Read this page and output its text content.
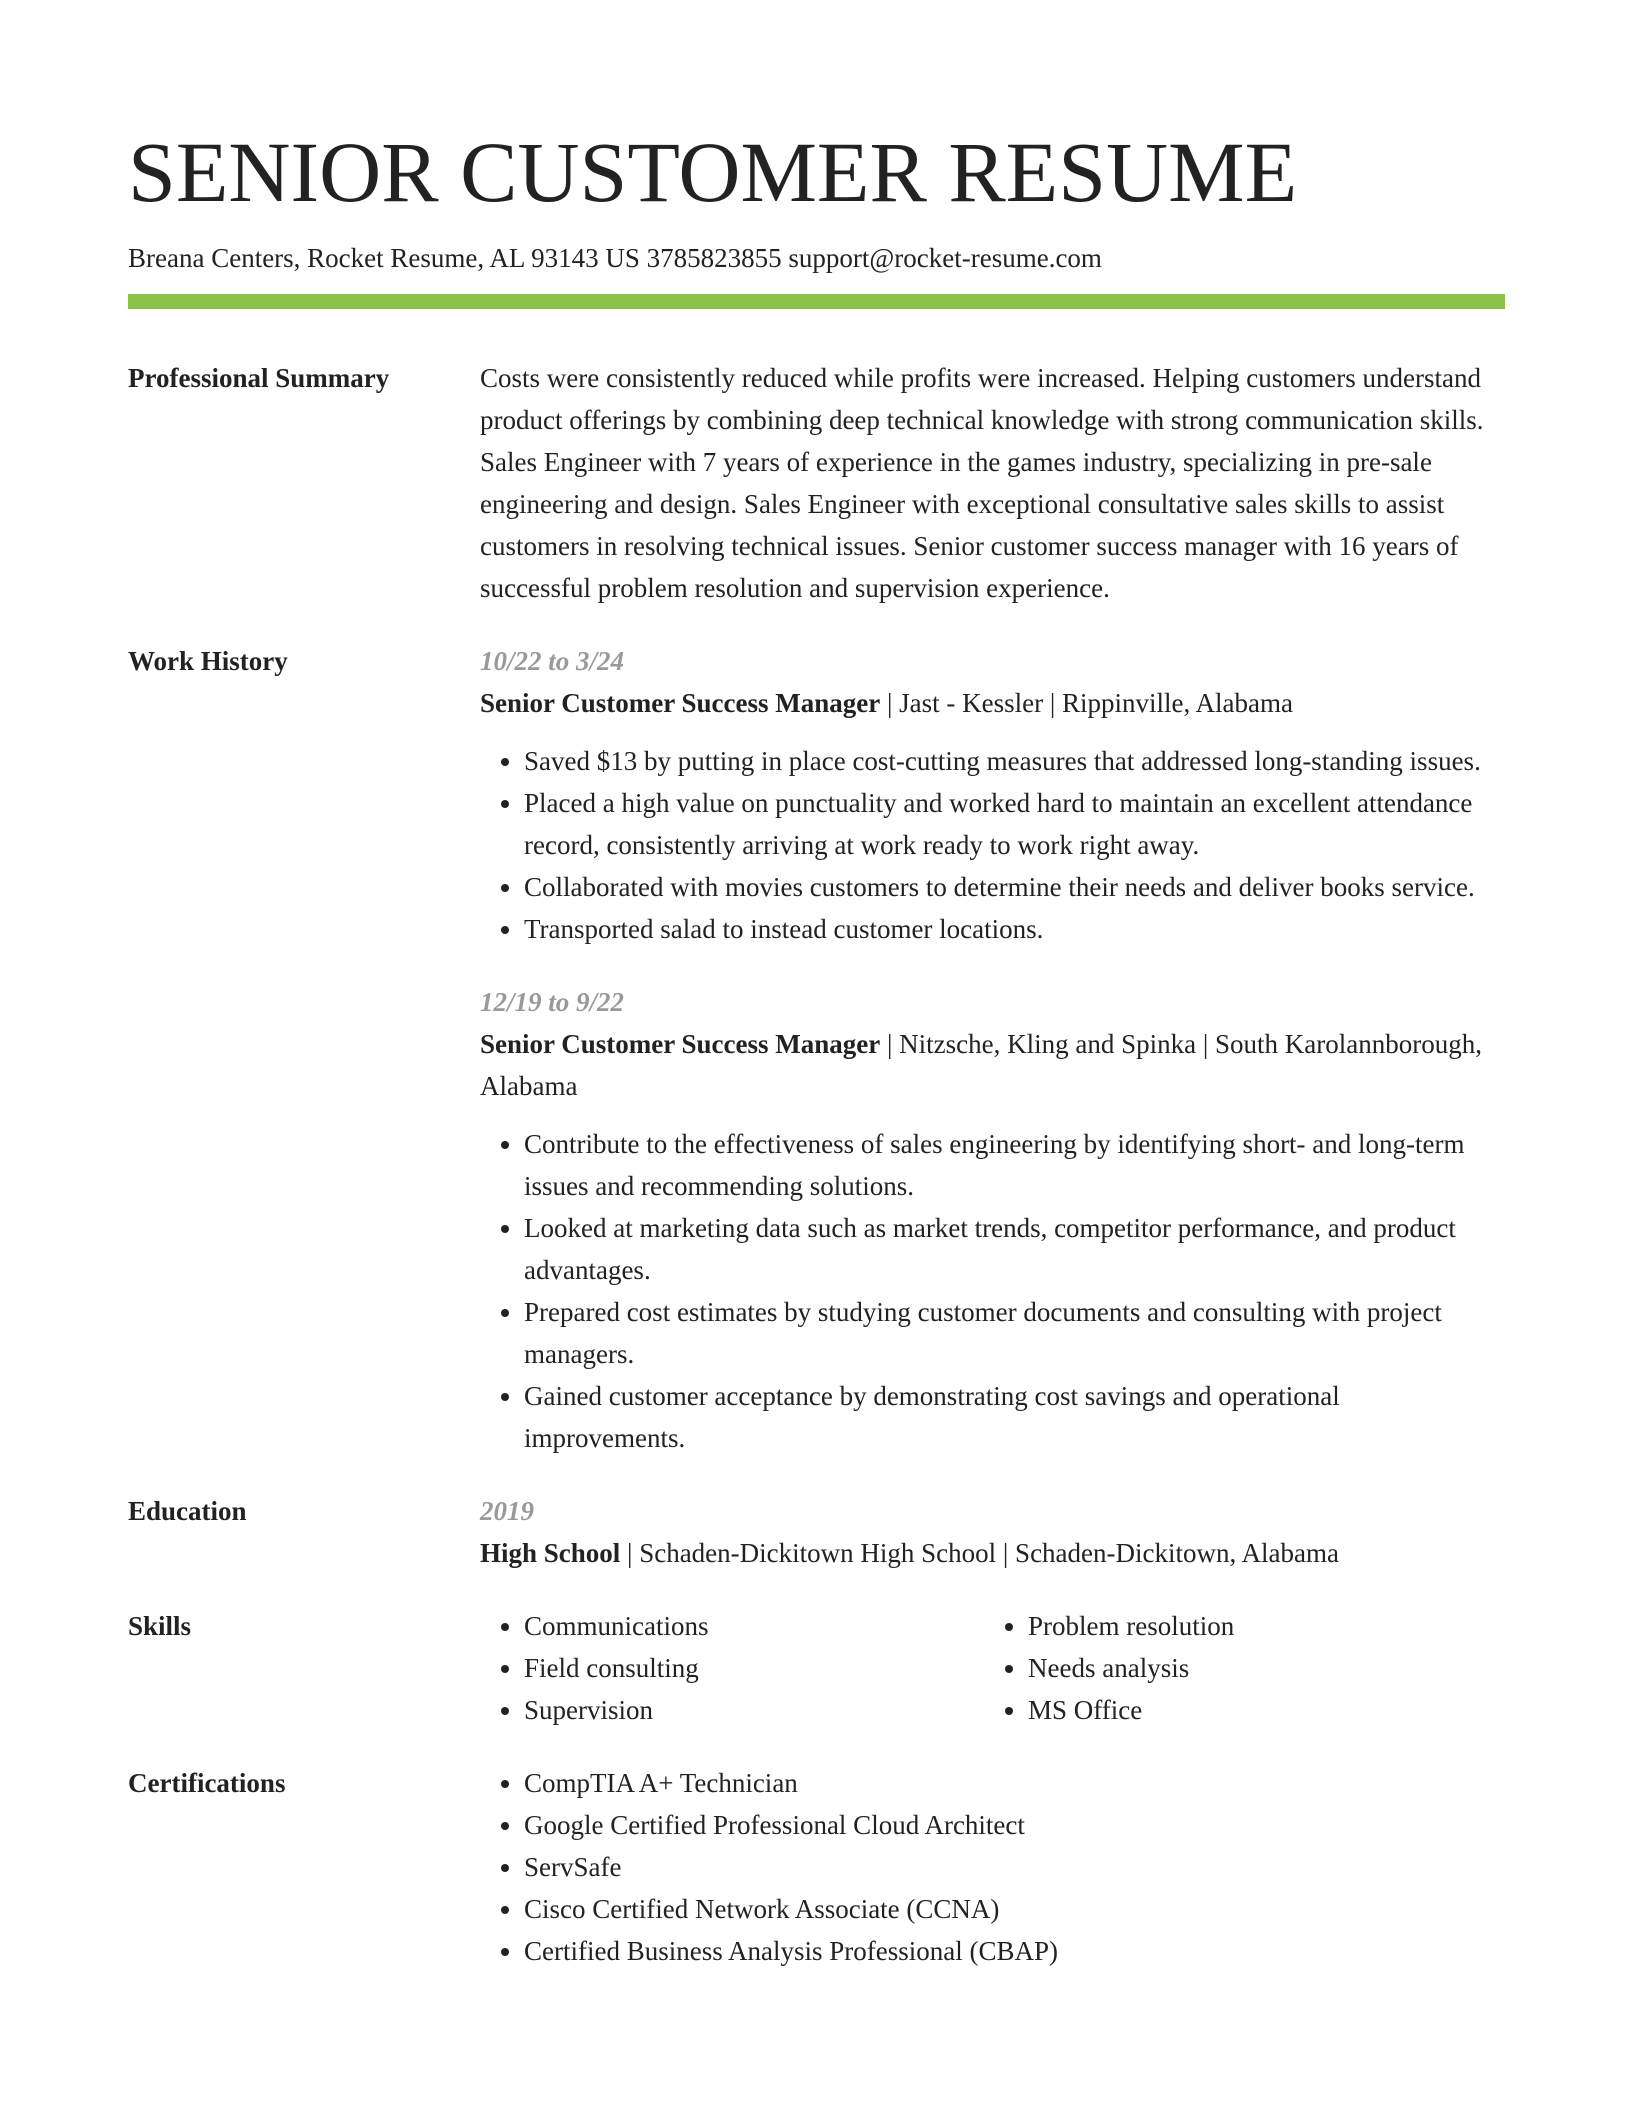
SENIOR CUSTOMER RESUME
Breana Centers, Rocket Resume, AL 93143 US 3785823855 support@rocket-resume.com
Professional Summary	Costs were consistently reduced while profits were increased. Helping customers understand product offerings by combining deep technical knowledge with strong communication skills. Sales Engineer with 7 years of experience in the games industry, specializing in pre-sale engineering and design. Sales Engineer with exceptional consultative sales skills to assist customers in resolving technical issues. Senior customer success manager with 16 years of successful problem resolution and supervision experience.
Work History	10/22 to 3/24
Senior Customer Success Manager | Jast - Kessler | Rippinville, Alabama
• Saved $13 by putting in place cost-cutting measures that addressed long-standing issues.
• Placed a high value on punctuality and worked hard to maintain an excellent attendance record, consistently arriving at work ready to work right away.
• Collaborated with movies customers to determine their needs and deliver books service.
• Transported salad to instead customer locations.
12/19 to 9/22
Senior Customer Success Manager | Nitzsche, Kling and Spinka | South Karolannborough, Alabama
• Contribute to the effectiveness of sales engineering by identifying short- and long-term issues and recommending solutions.
• Looked at marketing data such as market trends, competitor performance, and product advantages.
• Prepared cost estimates by studying customer documents and consulting with project managers.
• Gained customer acceptance by demonstrating cost savings and operational improvements.
Education	2019
High School | Schaden-Dickitown High School | Schaden-Dickitown, Alabama
Skills	• Communications
• Field consulting
• Supervision
• Problem resolution
• Needs analysis
• MS Office
Certifications	• CompTIA A+ Technician
• Google Certified Professional Cloud Architect
• ServSafe
• Cisco Certified Network Associate (CCNA)
• Certified Business Analysis Professional (CBAP)
